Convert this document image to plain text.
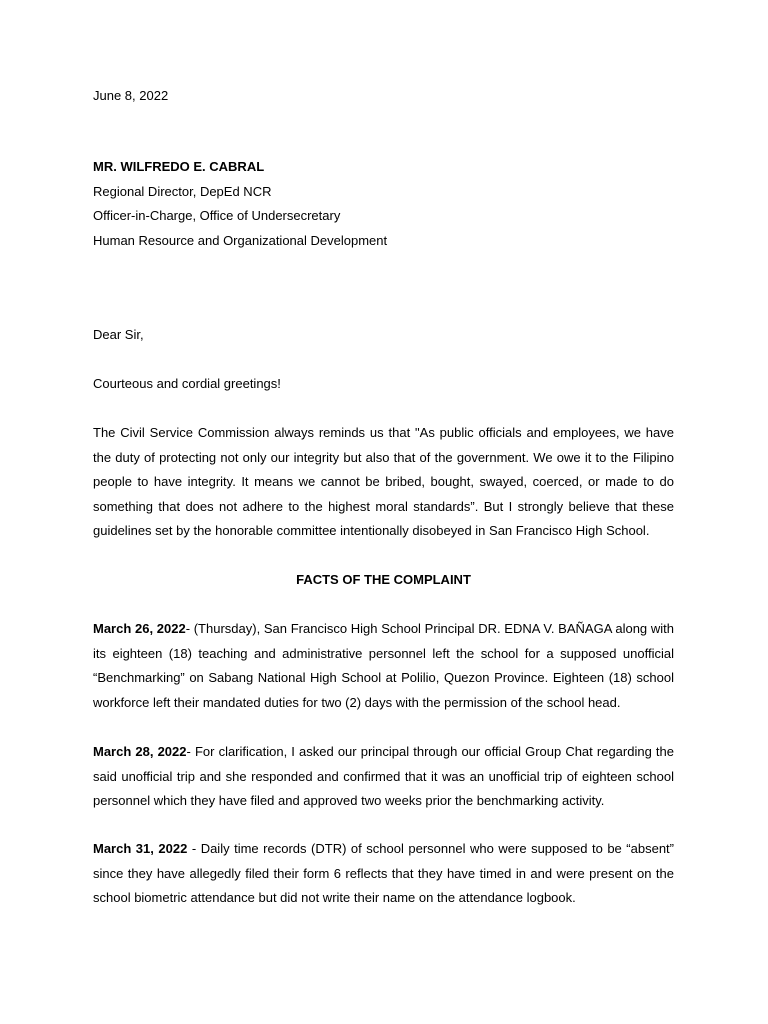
June 8, 2022
MR. WILFREDO E. CABRAL
Regional Director, DepEd NCR
Officer-in-Charge, Office of Undersecretary
Human Resource and Organizational Development
Dear Sir,
Courteous and cordial greetings!
The Civil Service Commission always reminds us that "As public officials and employees, we have the duty of protecting not only our integrity but also that of the government. We owe it to the Filipino people to have integrity. It means we cannot be bribed, bought, swayed, coerced, or made to do something that does not adhere to the highest moral standards”. But I strongly believe that these guidelines set by the honorable committee intentionally disobeyed in San Francisco High School.
FACTS OF THE COMPLAINT
March 26, 2022- (Thursday), San Francisco High School Principal DR. EDNA V. BAÑAGA along with its eighteen (18) teaching and administrative personnel left the school for a supposed unofficial “Benchmarking” on Sabang National High School at Polilio, Quezon Province. Eighteen (18) school workforce left their mandated duties for two (2) days with the permission of the school head.
March 28, 2022- For clarification, I asked our principal through our official Group Chat regarding the said unofficial trip and she responded and confirmed that it was an unofficial trip of eighteen school personnel which they have filed and approved two weeks prior the benchmarking activity.
March 31, 2022 - Daily time records (DTR) of school personnel who were supposed to be “absent” since they have allegedly filed their form 6 reflects that they have timed in and were present on the school biometric attendance but did not write their name on the attendance logbook.
